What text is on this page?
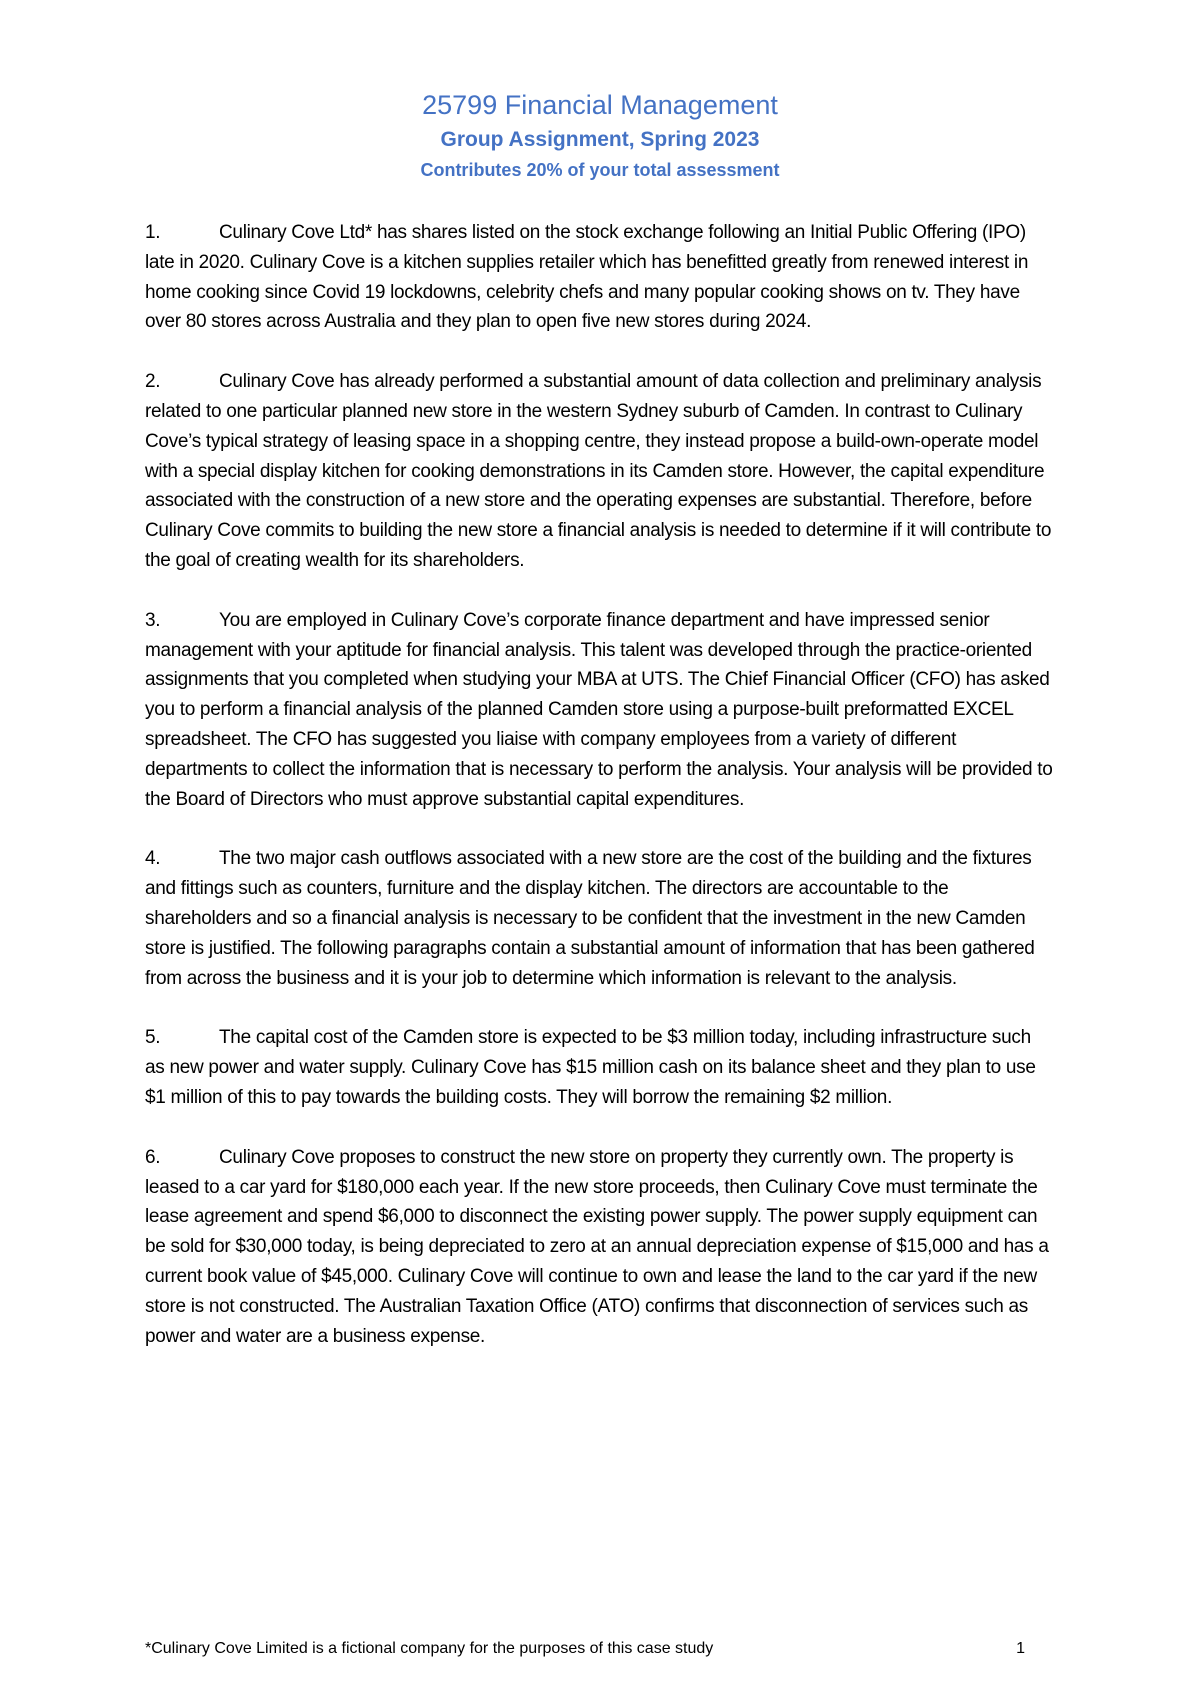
25799 Financial Management
Group Assignment, Spring 2023
Contributes 20% of your total assessment

1.	Culinary Cove Ltd* has shares listed on the stock exchange following an Initial Public Offering (IPO) late in 2020. Culinary Cove is a kitchen supplies retailer which has benefitted greatly from renewed interest in home cooking since Covid 19 lockdowns, celebrity chefs and many popular cooking shows on tv. They have over 80 stores across Australia and they plan to open five new stores during 2024.

2.	Culinary Cove has already performed a substantial amount of data collection and preliminary analysis related to one particular planned new store in the western Sydney suburb of Camden. In contrast to Culinary Cove’s typical strategy of leasing space in a shopping centre, they instead propose a build-own-operate model with a special display kitchen for cooking demonstrations in its Camden store. However, the capital expenditure associated with the construction of a new store and the operating expenses are substantial. Therefore, before Culinary Cove commits to building the new store a financial analysis is needed to determine if it will contribute to the goal of creating wealth for its shareholders.

3.	You are employed in Culinary Cove’s corporate finance department and have impressed senior management with your aptitude for financial analysis. This talent was developed through the practice-oriented assignments that you completed when studying your MBA at UTS. The Chief Financial Officer (CFO) has asked you to perform a financial analysis of the planned Camden store using a purpose-built preformatted EXCEL spreadsheet. The CFO has suggested you liaise with company employees from a variety of different departments to collect the information that is necessary to perform the analysis. Your analysis will be provided to the Board of Directors who must approve substantial capital expenditures.

4.	The two major cash outflows associated with a new store are the cost of the building and the fixtures and fittings such as counters, furniture and the display kitchen. The directors are accountable to the shareholders and so a financial analysis is necessary to be confident that the investment in the new Camden store is justified. The following paragraphs contain a substantial amount of information that has been gathered from across the business and it is your job to determine which information is relevant to the analysis.

5.	The capital cost of the Camden store is expected to be $3 million today, including infrastructure such as new power and water supply. Culinary Cove has $15 million cash on its balance sheet and they plan to use $1 million of this to pay towards the building costs. They will borrow the remaining $2 million.

6.	Culinary Cove proposes to construct the new store on property they currently own. The property is leased to a car yard for $180,000 each year. If the new store proceeds, then Culinary Cove must terminate the lease agreement and spend $6,000 to disconnect the existing power supply. The power supply equipment can be sold for $30,000 today, is being depreciated to zero at an annual depreciation expense of $15,000 and has a current book value of $45,000. Culinary Cove will continue to own and lease the land to the car yard if the new store is not constructed. The Australian Taxation Office (ATO) confirms that disconnection of services such as power and water are a business expense.

*Culinary Cove Limited is a fictional company for the purposes of this case study	1
